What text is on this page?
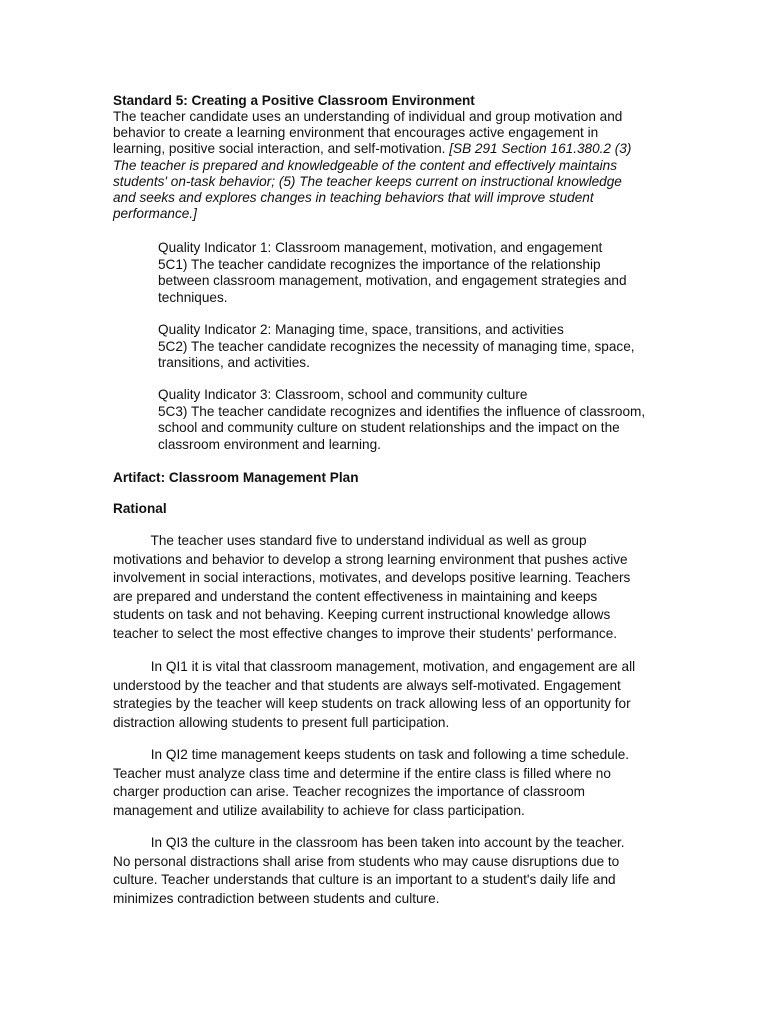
Standard 5: Creating a Positive Classroom Environment
The teacher candidate uses an understanding of individual and group motivation and
behavior to create a learning environment that encourages active engagement in
learning, positive social interaction, and self-motivation. [SB 291 Section 161.380.2 (3)
The teacher is prepared and knowledgeable of the content and effectively maintains
students' on-task behavior; (5) The teacher keeps current on instructional knowledge
and seeks and explores changes in teaching behaviors that will improve student
performance.]
Quality Indicator 1: Classroom management, motivation, and engagement
5C1) The teacher candidate recognizes the importance of the relationship
between classroom management, motivation, and engagement strategies and
techniques.
Quality Indicator 2: Managing time, space, transitions, and activities
5C2) The teacher candidate recognizes the necessity of managing time, space,
transitions, and activities.
Quality Indicator 3: Classroom, school and community culture
5C3) The teacher candidate recognizes and identifies the influence of classroom,
school and community culture on student relationships and the impact on the
classroom environment and learning.
Artifact: Classroom Management Plan
Rational
The teacher uses standard five to understand individual as well as group
motivations and behavior to develop a strong learning environment that pushes active
involvement in social interactions, motivates, and develops positive learning. Teachers
are prepared and understand the content effectiveness in maintaining and keeps
students on task and not behaving. Keeping current instructional knowledge allows
teacher to select the most effective changes to improve their students' performance.
In QI1 it is vital that classroom management, motivation, and engagement are all
understood by the teacher and that students are always self-motivated. Engagement
strategies by the teacher will keep students on track allowing less of an opportunity for
distraction allowing students to present full participation.
In QI2 time management keeps students on task and following a time schedule.
Teacher must analyze class time and determine if the entire class is filled where no
charger production can arise. Teacher recognizes the importance of classroom
management and utilize availability to achieve for class participation.
In QI3 the culture in the classroom has been taken into account by the teacher.
No personal distractions shall arise from students who may cause disruptions due to
culture. Teacher understands that culture is an important to a student's daily life and
minimizes contradiction between students and culture.
